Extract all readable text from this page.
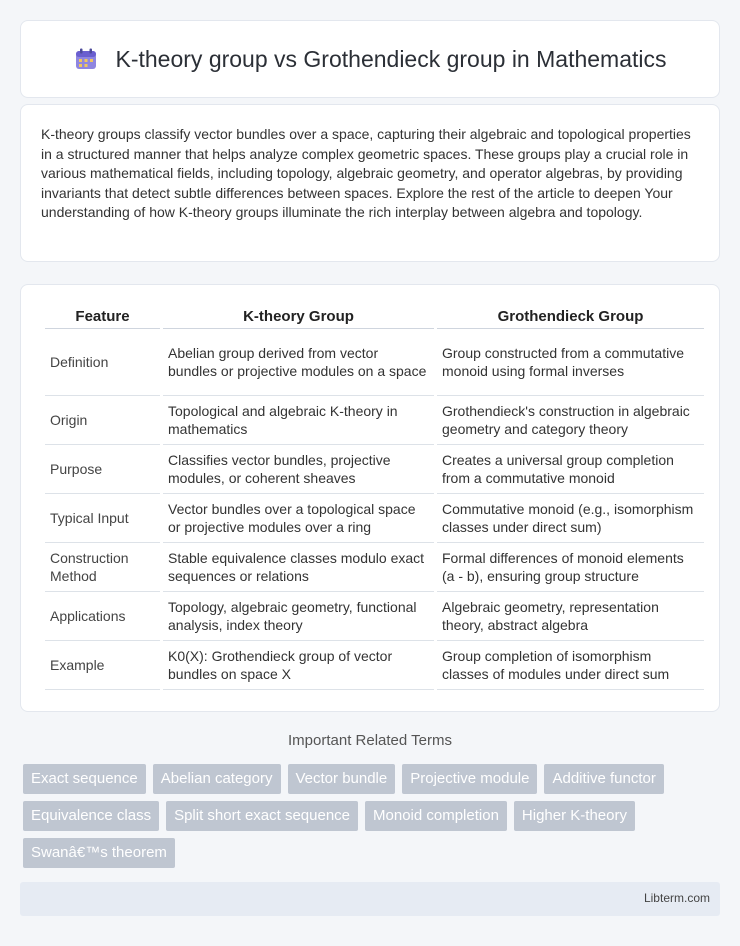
K-theory group vs Grothendieck group in Mathematics

K-theory groups classify vector bundles over a space, capturing their algebraic and topological properties in a structured manner that helps analyze complex geometric spaces. These groups play a crucial role in various mathematical fields, including topology, algebraic geometry, and operator algebras, by providing invariants that detect subtle differences between spaces. Explore the rest of the article to deepen Your understanding of how K-theory groups illuminate the rich interplay between algebra and topology.

Feature	K-theory Group	Grothendieck Group
Definition	Abelian group derived from vector bundles or projective modules on a space	Group constructed from a commutative monoid using formal inverses
Origin	Topological and algebraic K-theory in mathematics	Grothendieck's construction in algebraic geometry and category theory
Purpose	Classifies vector bundles, projective modules, or coherent sheaves	Creates a universal group completion from a commutative monoid
Typical Input	Vector bundles over a topological space or projective modules over a ring	Commutative monoid (e.g., isomorphism classes under direct sum)
Construction Method	Stable equivalence classes modulo exact sequences or relations	Formal differences of monoid elements (a - b), ensuring group structure
Applications	Topology, algebraic geometry, functional analysis, index theory	Algebraic geometry, representation theory, abstract algebra
Example	K0(X): Grothendieck group of vector bundles on space X	Group completion of isomorphism classes of modules under direct sum
Important Related Terms
Exact sequence	Abelian category	Vector bundle	Projective module	Additive functor
Equivalence class	Split short exact sequence	Monoid completion	Higher K-theory
Swanâ€™s theorem
Libterm.com
